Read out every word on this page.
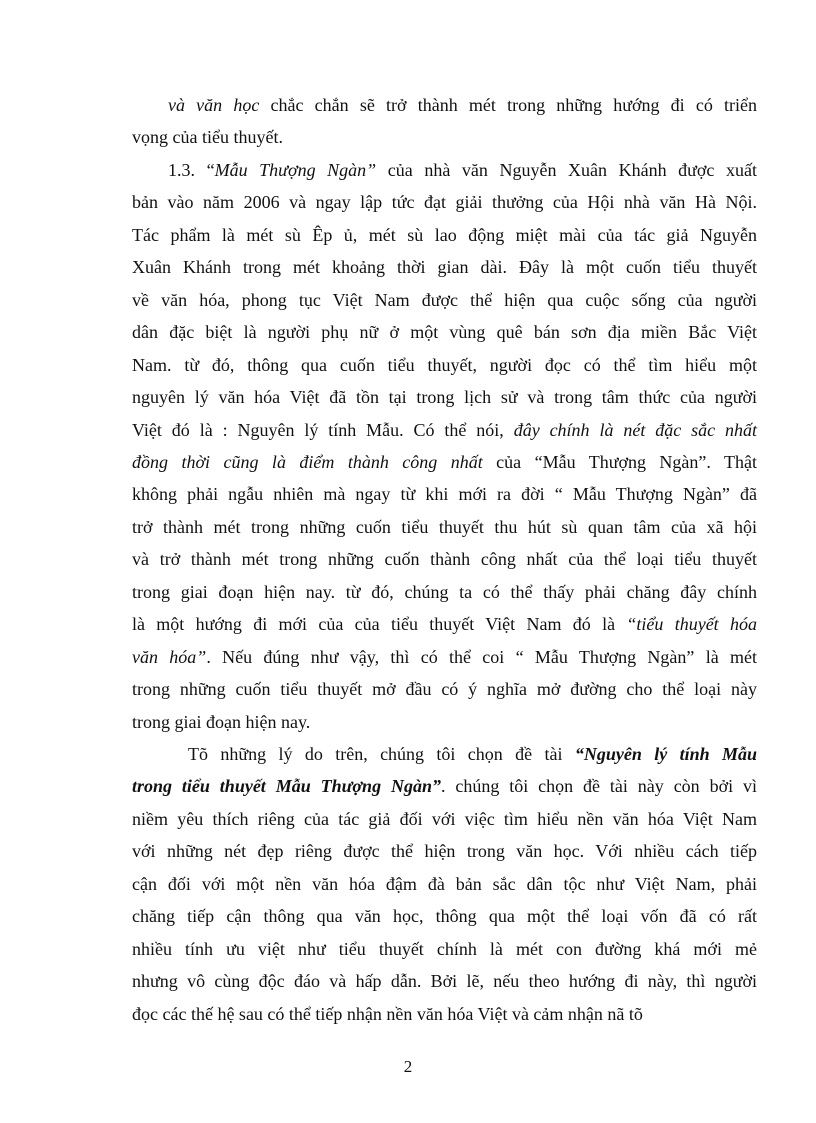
và văn học chắc chắn sẽ trở thành mét trong những hướng đi có triển
vọng của tiểu thuyết.
1.3. “Mẫu Thượng Ngàn” của nhà văn Nguyễn Xuân Khánh được xuất
bản vào năm 2006 và ngay lập tức đạt giải thưởng của Hội nhà văn Hà Nội.
Tác phẩm là mét sù Êp ủ, mét sù lao động miệt mài của tác giả Nguyễn
Xuân Khánh trong mét khoảng thời gian dài. Đây là một cuốn tiểu thuyết
về văn hóa, phong tục Việt Nam được thể hiện qua cuộc sống của người
dân đặc biệt là người phụ nữ ở một vùng quê bán sơn địa miền Bắc Việt
Nam. từ đó, thông qua cuốn tiểu thuyết, người đọc có thể tìm hiểu một
nguyên lý văn hóa Việt đã tồn tại trong lịch sử và trong tâm thức của người
Việt đó là : Nguyên lý tính Mẫu. Có thể nói, đây chính là nét đặc sắc nhất
đồng thời cũng là điểm thành công nhất của “Mẫu Thượng Ngàn”. Thật
không phải ngẫu nhiên mà ngay từ khi mới ra đời “ Mẫu Thượng Ngàn” đã
trở thành mét trong những cuốn tiểu thuyết thu hút sù quan tâm của xã hội
và trở thành mét trong những cuốn thành công nhất của thể loại tiểu thuyết
trong giai đoạn hiện nay. từ đó, chúng ta có thể thấy phải chăng đây chính
là một hướng đi mới của của tiểu thuyết Việt Nam đó là “tiểu thuyết hóa
văn hóa”. Nếu đúng như vậy, thì có thể coi “ Mẫu Thượng Ngàn” là mét
trong những cuốn tiểu thuyết mở đầu có ý nghĩa mở đường cho thể loại này
trong giai đoạn hiện nay.
Tõ những lý do trên, chúng tôi chọn đề tài “Nguyên lý tính Mẫu
trong tiểu thuyết Mẫu Thượng Ngàn”. chúng tôi chọn đề tài này còn bởi vì
niềm yêu thích riêng của tác giả đối với việc tìm hiểu nền văn hóa Việt Nam
với những nét đẹp riêng được thể hiện trong văn học. Với nhiều cách tiếp
cận đối với một nền văn hóa đậm đà bản sắc dân tộc như Việt Nam, phải
chăng tiếp cận thông qua văn học, thông qua một thể loại vốn đã có rất
nhiều tính ưu việt như tiểu thuyết chính là mét con đường khá mới mẻ
nhưng vô cùng độc đáo và hấp dẫn. Bởi lẽ, nếu theo hướng đi này, thì người
đọc các thế hệ sau có thể tiếp nhận nền văn hóa Việt và cảm nhận nã tõ
2
